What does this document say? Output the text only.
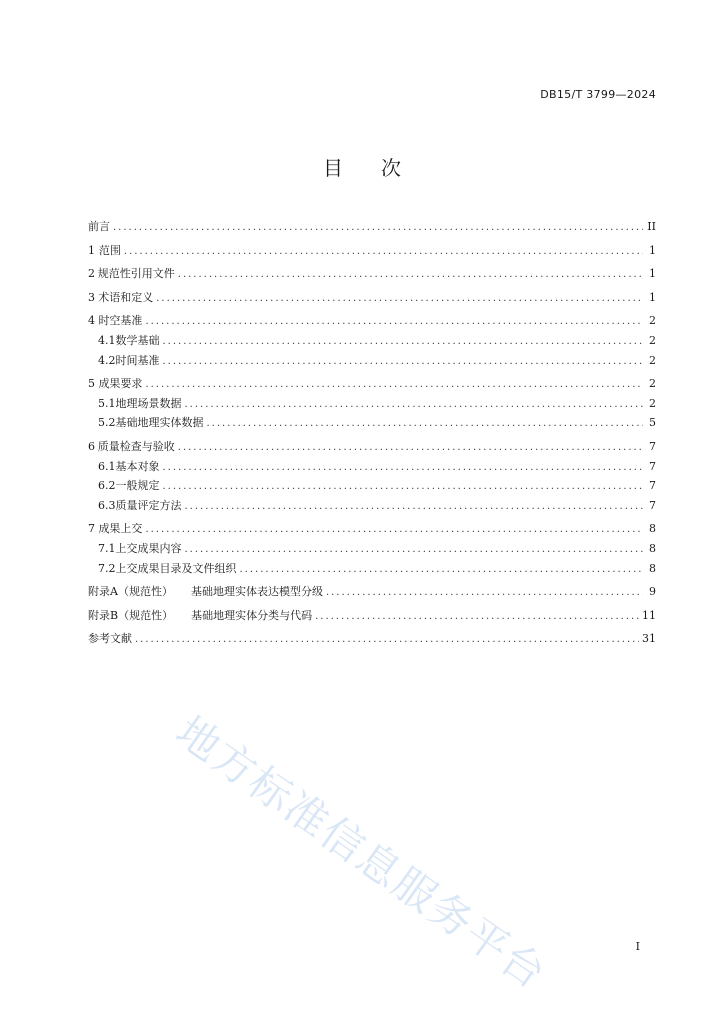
DB15/T 3799—2024
目次
前言 .....	II
1 范围 .....	1
2 规范性引用文件 .....	1
3 术语和定义 .....	1
4 时空基准 .....	2
4.1 数学基础 .....	2
4.2 时间基准 .....	2
5 成果要求 .....	2
5.1 地理场景数据 .....	2
5.2 基础地理实体数据 .....	5
6 质量检查与验收 .....	7
6.1 基本对象 .....	7
6.2 一般规定 .....	7
6.3 质量评定方法 .....	7
7 成果上交 .....	8
7.1 上交成果内容 .....	8
7.2 上交成果目录及文件组织 .....	8
附录A（规范性） 基础地理实体表达模型分级 .....	9
附录B（规范性） 基础地理实体分类与代码 .....	11
参考文献 .....	31
地方标准信息服务平台	I
